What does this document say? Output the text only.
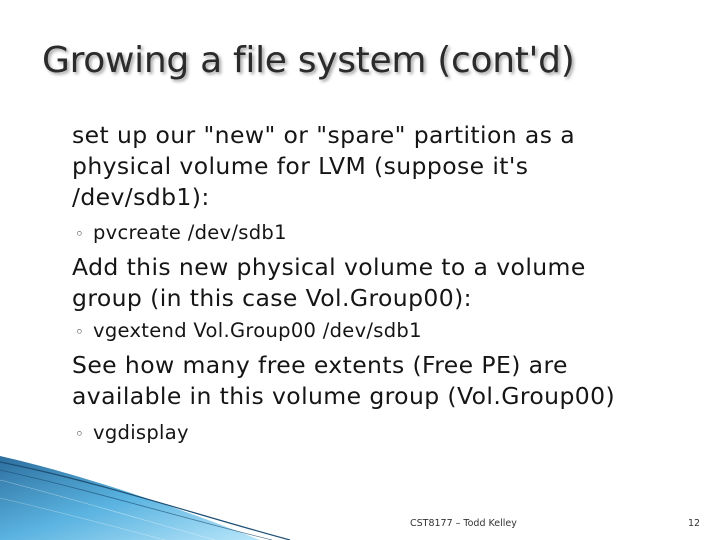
Growing a file system (cont'd)
set up our "new" or "spare" partition as a
physical volume for LVM (suppose it's
/dev/sdb1):
◦ pvcreate /dev/sdb1
Add this new physical volume to a volume
group (in this case Vol.Group00):
◦ vgextend Vol.Group00 /dev/sdb1
See how many free extents (Free PE) are
available in this volume group (Vol.Group00)
◦ vgdisplay
CST8177 – Todd Kelley	12
